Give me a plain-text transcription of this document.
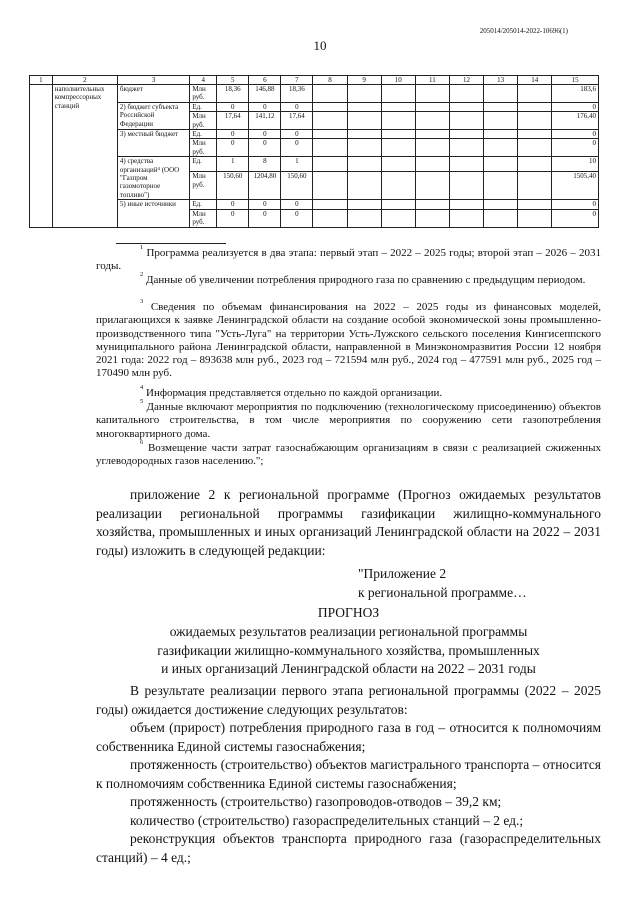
205014/205014-2022-10696(1)
10
1	2	3	4	5	6	7	8	9	10	11	12	13	14	15
	наполнительных компрессорных станций	бюджет	Млн руб.	18,36	146,88	18,36								183,6
		2) бюджет субъекта Российской Федерации	Ед.	0	0	0								0
			Млн руб.	17,64	141,12	17,64								176,40
		3) местный бюджет	Ед.	0	0	0								0
			Млн руб.	0	0	0								0
		4) средства организаций⁴ (ООО "Газпром газомоторное топливо")	Ед.	1	8	1								10
			Млн руб.	150,60	1204,80	150,60								1505,40
		5) иные источники	Ед.	0	0	0								0
			Млн руб.	0	0	0								0

$^1$ Программа реализуется в два этапа: первый этап – 2022 – 2025 годы; второй этап – 2026 – 2031 годы.

$^2$ Данные об увеличении потребления природного газа по сравнению с предыдущим периодом.

$^3$ Сведения по объемам финансирования на 2022 – 2025 годы из финансовых моделей, прилагающихся к заявке Ленинградской области на создание особой экономической зоны промышленно-производственного типа "Усть-Луга" на территории Усть-Лужского сельского поселения Кингисеппского муниципального района Ленинградской области, направленной в Минэкономразвития России 12 ноября 2021 года: 2022 год – 893638 млн руб., 2023 год – 721594 млн руб., 2024 год – 477591 млн руб., 2025 год – 170490 млн руб.

$^4$ Информация представляется отдельно по каждой организации.

$^5$ Данные включают мероприятия по подключению (технологическому присоединению) объектов капитального строительства, в том числе мероприятия по сооружению сети газопотребления многоквартирного дома.

$^6$ Возмещение части затрат газоснабжающим организациям в связи с реализацией сжиженных углеводородных газов населению.";

приложение 2 к региональной программе (Прогноз ожидаемых результатов реализации региональной программы газификации жилищно-коммунального хозяйства, промышленных и иных организаций Ленинградской области на 2022 – 2031 годы) изложить в следующей редакции:

"Приложение 2
к региональной программе…
ПРОГНОЗ
ожидаемых результатов реализации региональной программы
газификации жилищно-коммунального хозяйства, промышленных
и иных организаций Ленинградской области на 2022 – 2031 годы

В результате реализации первого этапа региональной программы (2022 – 2025 годы) ожидается достижение следующих результатов:

объем (прирост) потребления природного газа в год – относится к полномочиям собственника Единой системы газоснабжения;

протяженность (строительство) объектов магистрального транспорта – относится к полномочиям собственника Единой системы газоснабжения;

протяженность (строительство) газопроводов-отводов – 39,2 км;

количество (строительство) газораспределительных станций – 2 ед.;

реконструкция объектов транспорта природного газа (газораспределительных станций) – 4 ед.;
